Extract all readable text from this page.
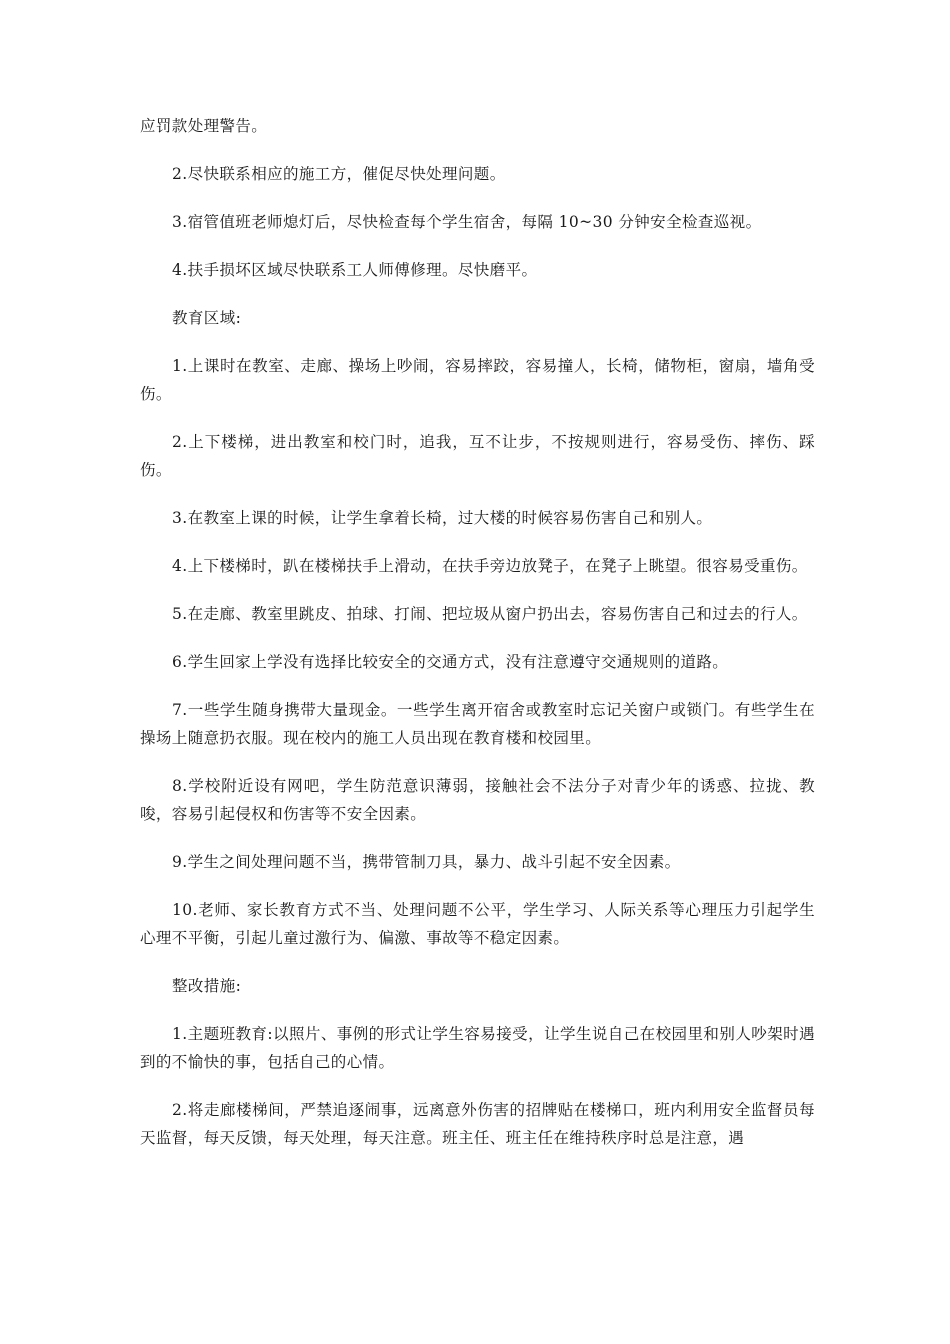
应罚款处理警告。

2.尽快联系相应的施工方，催促尽快处理问题。

3.宿管值班老师熄灯后，尽快检查每个学生宿舍，每隔 10~30 分钟安全检查巡视。

4.扶手损坏区域尽快联系工人师傅修理。尽快磨平。

教育区域:

1.上课时在教室、走廊、操场上吵闹，容易摔跤，容易撞人，长椅，储物柜，窗扇，墙角受伤。

2.上下楼梯，进出教室和校门时，追我，互不让步，不按规则进行，容易受伤、摔伤、踩伤。

3.在教室上课的时候，让学生拿着长椅，过大楼的时候容易伤害自己和别人。

4.上下楼梯时，趴在楼梯扶手上滑动，在扶手旁边放凳子，在凳子上眺望。很容易受重伤。

5.在走廊、教室里跳皮、拍球、打闹、把垃圾从窗户扔出去，容易伤害自己和过去的行人。

6.学生回家上学没有选择比较安全的交通方式，没有注意遵守交通规则的道路。

7.一些学生随身携带大量现金。一些学生离开宿舍或教室时忘记关窗户或锁门。有些学生在操场上随意扔衣服。现在校内的施工人员出现在教育楼和校园里。

8.学校附近设有网吧，学生防范意识薄弱，接触社会不法分子对青少年的诱惑、拉拢、教唆，容易引起侵权和伤害等不安全因素。

9.学生之间处理问题不当，携带管制刀具，暴力、战斗引起不安全因素。

10.老师、家长教育方式不当、处理问题不公平，学生学习、人际关系等心理压力引起学生心理不平衡，引起儿童过激行为、偏激、事故等不稳定因素。

整改措施:

1.主题班教育:以照片、事例的形式让学生容易接受，让学生说自己在校园里和别人吵架时遇到的不愉快的事，包括自己的心情。

2.将走廊楼梯间，严禁追逐闹事，远离意外伤害的招牌贴在楼梯口，班内利用安全监督员每天监督，每天反馈，每天处理，每天注意。班主任、班主任在维持秩序时总是注意，遇
